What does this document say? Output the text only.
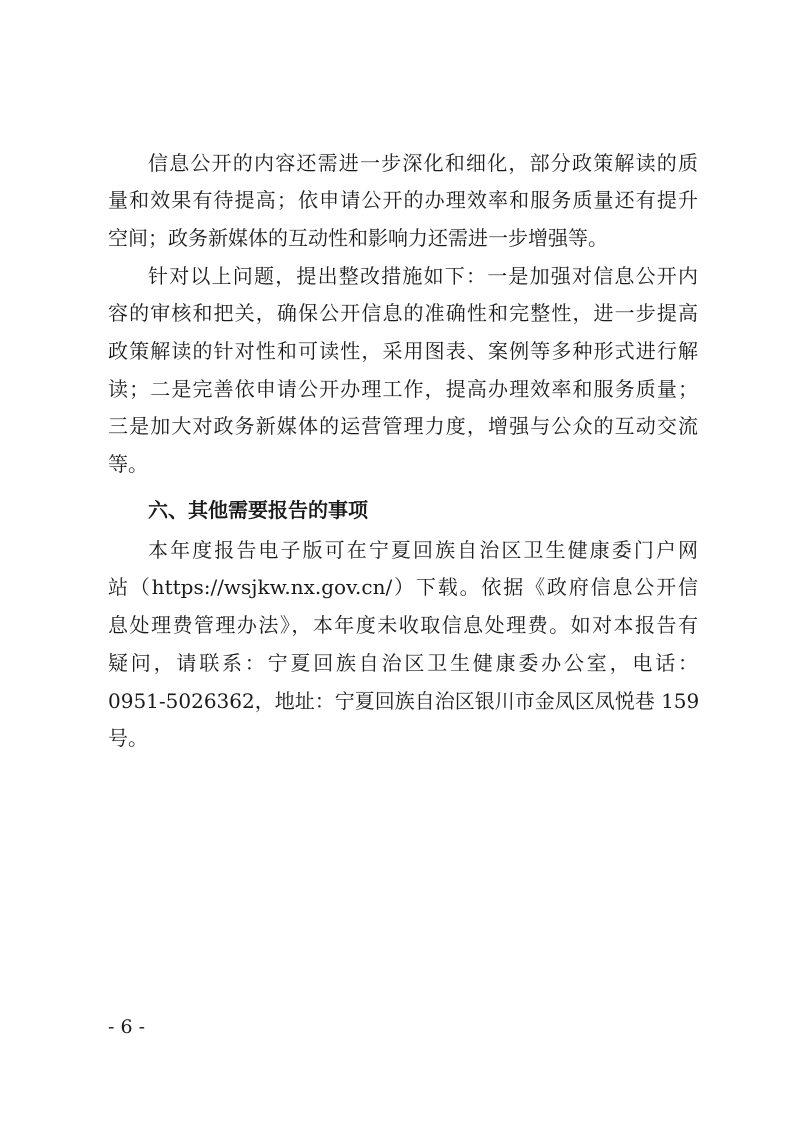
信息公开的内容还需进一步深化和细化，部分政策解读的质
量和效果有待提高；依申请公开的办理效率和服务质量还有提升
空间；政务新媒体的互动性和影响力还需进一步增强等。
针对以上问题，提出整改措施如下：一是加强对信息公开内
容的审核和把关，确保公开信息的准确性和完整性，进一步提高
政策解读的针对性和可读性，采用图表、案例等多种形式进行解
读；二是完善依申请公开办理工作，提高办理效率和服务质量；
三是加大对政务新媒体的运营管理力度，增强与公众的互动交流
等。
六、其他需要报告的事项
本年度报告电子版可在宁夏回族自治区卫生健康委门户网
站（https://wsjkw.nx.gov.cn/）下载。依据《政府信息公开信
息处理费管理办法》，本年度未收取信息处理费。如对本报告有
疑问，请联系：宁夏回族自治区卫生健康委办公室，电话：
0951-5026362，地址：宁夏回族自治区银川市金凤区凤悦巷 159
号。
- 6 -
